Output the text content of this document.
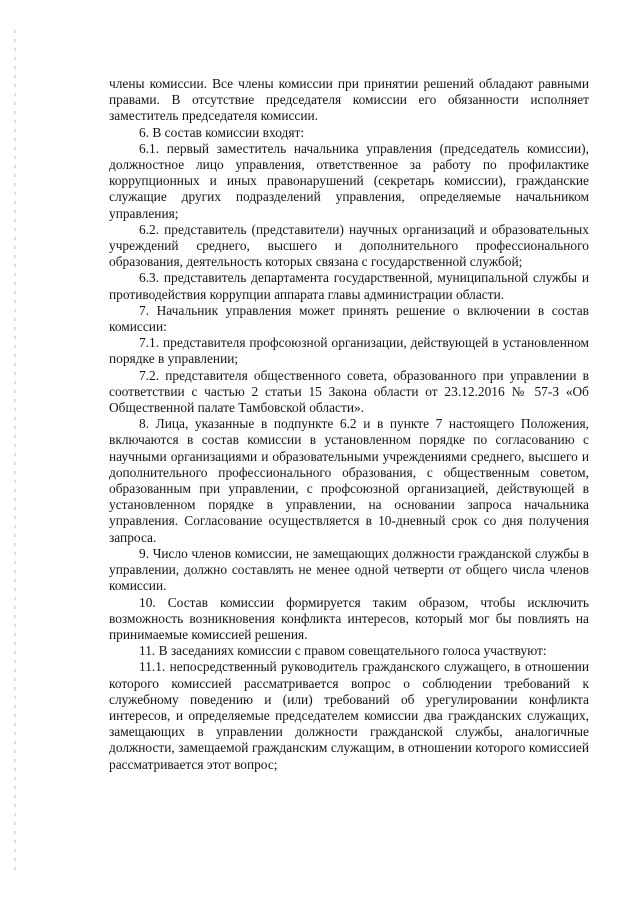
члены комиссии. Все члены комиссии при принятии решений обладают равными правами. В отсутствие председателя комиссии его обязанности исполняет заместитель председателя комиссии.

6. В состав комиссии входят:

6.1. первый заместитель начальника управления (председатель комиссии), должностное лицо управления, ответственное за работу по профилактике коррупционных и иных правонарушений (секретарь комиссии), гражданские служащие других подразделений управления, определяемые начальником управления;

6.2. представитель (представители) научных организаций и образовательных учреждений среднего, высшего и дополнительного профессионального образования, деятельность которых связана с государственной службой;

6.3. представитель департамента государственной, муниципальной службы и противодействия коррупции аппарата главы администрации области.

7. Начальник управления может принять решение о включении в состав комиссии:

7.1. представителя профсоюзной организации, действующей в установленном порядке в управлении;

7.2. представителя общественного совета, образованного при управлении в соответствии с частью 2 статьи 15 Закона области от 23.12.2016 № 57-З «Об Общественной палате Тамбовской области».

8. Лица, указанные в подпункте 6.2 и в пункте 7 настоящего Положения, включаются в состав комиссии в установленном порядке по согласованию с научными организациями и образовательными учреждениями среднего, высшего и дополнительного профессионального образования, с общественным советом, образованным при управлении, с профсоюзной организацией, действующей в установленном порядке в управлении, на основании запроса начальника управления. Согласование осуществляется в 10-дневный срок со дня получения запроса.

9. Число членов комиссии, не замещающих должности гражданской службы в управлении, должно составлять не менее одной четверти от общего числа членов комиссии.

10. Состав комиссии формируется таким образом, чтобы исключить возможность возникновения конфликта интересов, который мог бы повлиять на принимаемые комиссией решения.

11. В заседаниях комиссии с правом совещательного голоса участвуют:

11.1. непосредственный руководитель гражданского служащего, в отношении которого комиссией рассматривается вопрос о соблюдении требований к служебному поведению и (или) требований об урегулировании конфликта интересов, и определяемые председателем комиссии два гражданских служащих, замещающих в управлении должности гражданской службы, аналогичные должности, замещаемой гражданским служащим, в отношении которого комиссией рассматривается этот вопрос;
